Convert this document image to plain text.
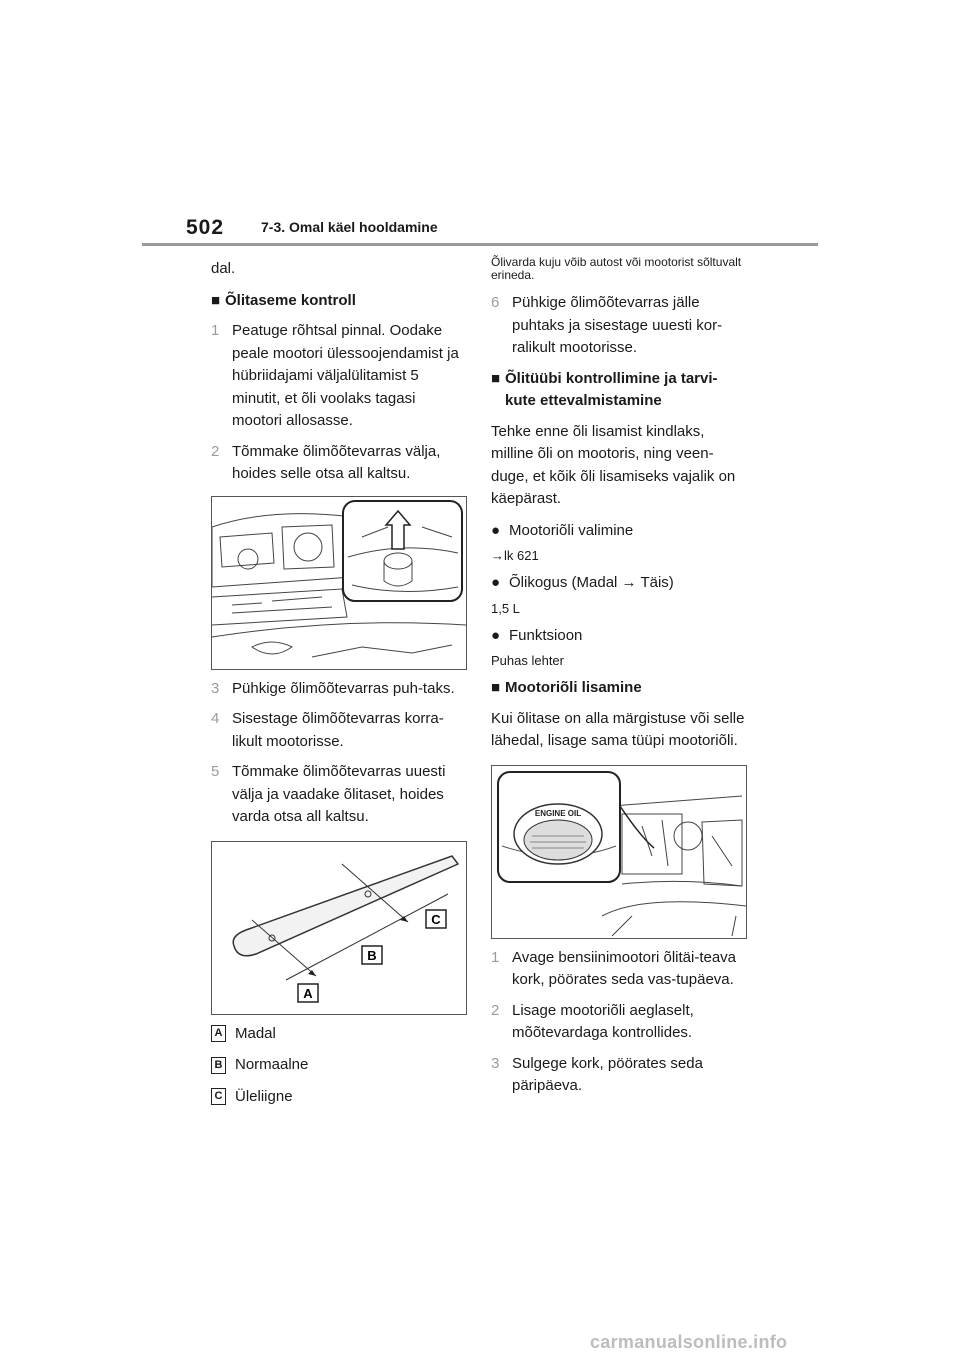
502	7-3. Omal käel hooldamine

dal.

■ Õlitaseme kontroll
1 Peatuge rõhtsal pinnal. Oodake peale mootori ülessoojendamist ja hübriidajami väljalülitamist 5 minutit, et õli voolaks tagasi mootori allosasse.
2 Tõmmake õlimõõtevarras välja, hoides selle otsa all kaltsu.
3 Pühkige õlimõõtevarras puh-taks.
4 Sisestage õlimõõtevarras korra-likult mootorisse.
5 Tõmmake õlimõõtevarras uuesti välja ja vaadake õlitaset, hoides varda otsa all kaltsu.
A
B
C
A Madal
B Normaalne
C Üleliigne

Õlivarda kuju võib autost või mootorist sõltuvalt erineda.

6 Pühkige õlimõõtevarras jälle puhtaks ja sisestage uuesti kor-ralikult mootorisse.
■ Õlitüübi kontrollimine ja tarvi-kute ettevalmistamine

Tehke enne õli lisamist kindlaks, milline õli on mootoris, ning veen-duge, et kõik õli lisamiseks vajalik on käepärast.

● Mootoriõli valimine

→lk 621

● Õlikogus (Madal → Täis)

1,5 L

● Funktsioon

Puhas lehter

■ Mootoriõli lisamine

Kui õlitase on alla märgistuse või selle lähedal, lisage sama tüüpi mootoriõli.

ENGINE OIL
1 Avage bensiinimootori õlitäi-teava kork, pöörates seda vas-tupäeva.
2 Lisage mootoriõli aeglaselt, mõõtevardaga kontrollides.
3 Sulgege kork, pöörates seda päripäeva.
carmanualsonline.info
